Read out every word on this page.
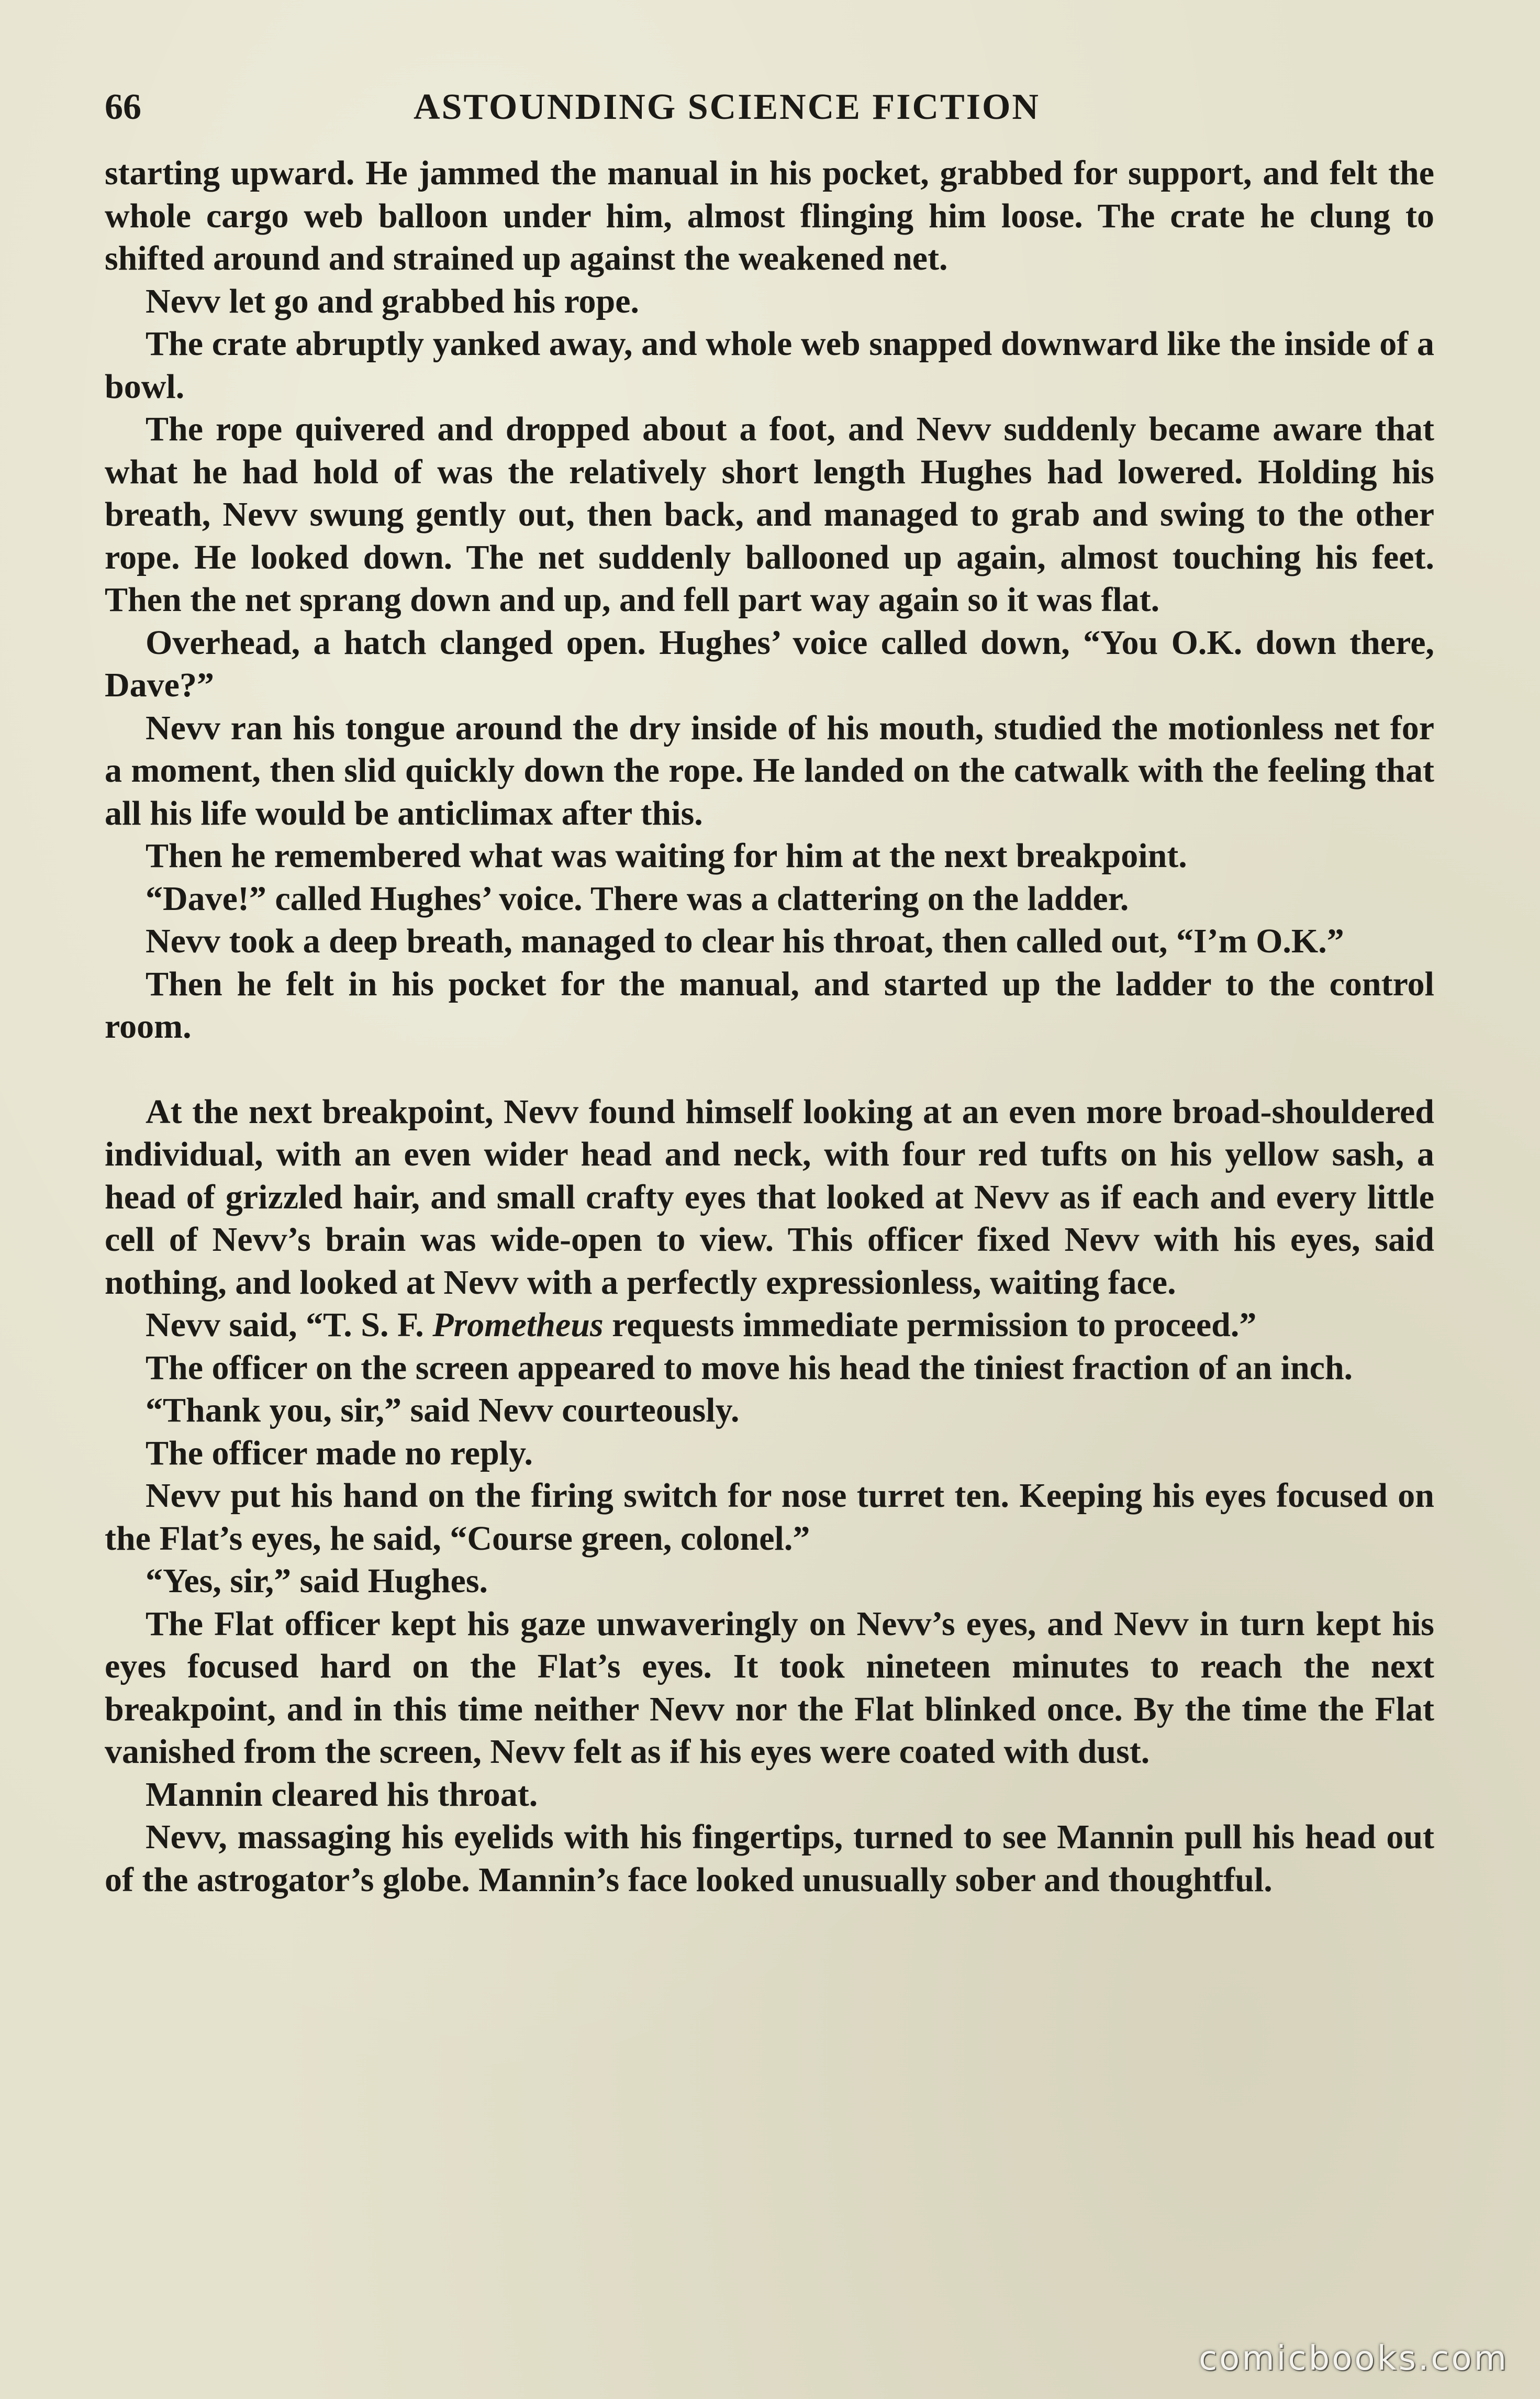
66	ASTOUNDING SCIENCE FICTION

starting upward. He jammed the manual in his pocket, grabbed for support, and felt the whole cargo web balloon under him, almost flinging him loose. The crate he clung to shifted around and strained up against the weakened net.

Nevv let go and grabbed his rope.

The crate abruptly yanked away, and whole web snapped downward like the inside of a bowl.

The rope quivered and dropped about a foot, and Nevv suddenly became aware that what he had hold of was the relatively short length Hughes had lowered. Holding his breath, Nevv swung gently out, then back, and managed to grab and swing to the other rope. He looked down. The net suddenly ballooned up again, almost touching his feet. Then the net sprang down and up, and fell part way again so it was flat.

Overhead, a hatch clanged open. Hughes’ voice called down, “You O.K. down there, Dave?”

Nevv ran his tongue around the dry inside of his mouth, studied the motionless net for a moment, then slid quickly down the rope. He landed on the catwalk with the feeling that all his life would be anticlimax after this.

Then he remembered what was waiting for him at the next breakpoint.

“Dave!” called Hughes’ voice. There was a clattering on the ladder.

Nevv took a deep breath, managed to clear his throat, then called out, “I’m O.K.”

Then he felt in his pocket for the manual, and started up the ladder to the control room.

At the next breakpoint, Nevv found himself looking at an even more broad-shouldered individual, with an even wider head and neck, with four red tufts on his yellow sash, a head of grizzled hair, and small crafty eyes that looked at Nevv as if each and every little cell of Nevv’s brain was wide-open to view. This officer fixed Nevv with his eyes, said nothing, and looked at Nevv with a perfectly expressionless, waiting face.

Nevv said, “T. S. F. Prometheus requests immediate permission to proceed.”

The officer on the screen appeared to move his head the tiniest fraction of an inch.

“Thank you, sir,” said Nevv courteously.

The officer made no reply.

Nevv put his hand on the firing switch for nose turret ten. Keeping his eyes focused on the Flat’s eyes, he said, “Course green, colonel.”

“Yes, sir,” said Hughes.

The Flat officer kept his gaze unwaveringly on Nevv’s eyes, and Nevv in turn kept his eyes focused hard on the Flat’s eyes. It took nineteen minutes to reach the next breakpoint, and in this time neither Nevv nor the Flat blinked once. By the time the Flat vanished from the screen, Nevv felt as if his eyes were coated with dust.

Mannin cleared his throat.

Nevv, massaging his eyelids with his fingertips, turned to see Mannin pull his head out of the astrogator’s globe. Mannin’s face looked unusually sober and thoughtful.

comicbooks.com
